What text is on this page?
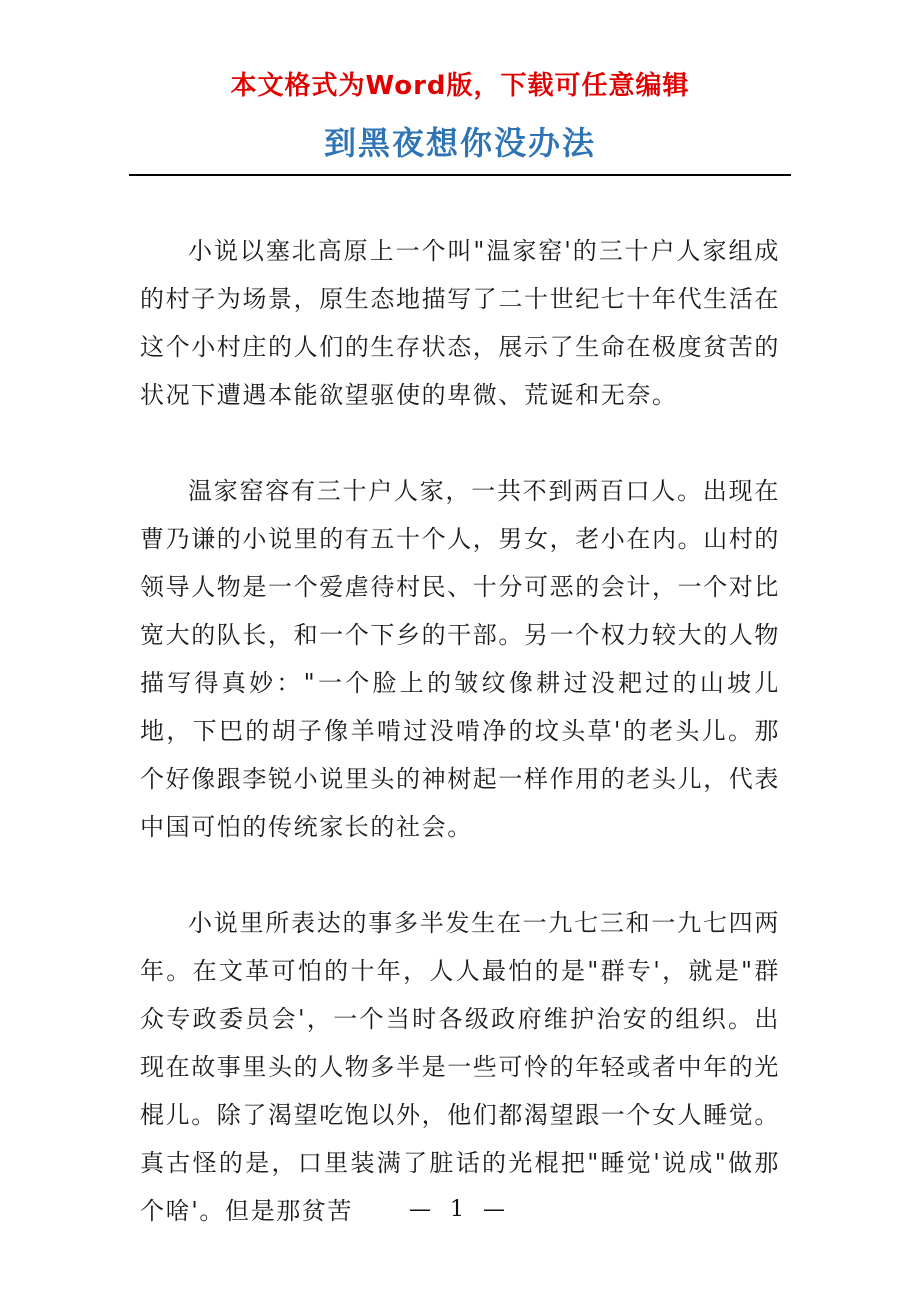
本文格式为Word版，下载可任意编辑
到黑夜想你没办法

小说以塞北高原上一个叫"温家窑'的三十户人家组成的村子为场景，原生态地描写了二十世纪七十年代生活在这个小村庄的人们的生存状态，展示了生命在极度贫苦的状况下遭遇本能欲望驱使的卑微、荒诞和无奈。

温家窑容有三十户人家，一共不到两百口人。出现在曹乃谦的小说里的有五十个人，男女，老小在内。山村的领导人物是一个爱虐待村民、十分可恶的会计，一个对比宽大的队长，和一个下乡的干部。另一个权力较大的人物描写得真妙："一个脸上的皱纹像耕过没耙过的山坡儿地，下巴的胡子像羊啃过没啃净的坟头草'的老头儿。那个好像跟李锐小说里头的神树起一样作用的老头儿，代表中国可怕的传统家长的社会。

小说里所表达的事多半发生在一九七三和一九七四两年。在文革可怕的十年，人人最怕的是"群专'，就是"群众专政委员会'，一个当时各级政府维护治安的组织。出现在故事里头的人物多半是一些可怜的年轻或者中年的光棍儿。除了渴望吃饱以外，他们都渴望跟一个女人睡觉。真古怪的是，口里装满了脏话的光棍把"睡觉'说成"做那个啥'。但是那贫苦	— 1 —
